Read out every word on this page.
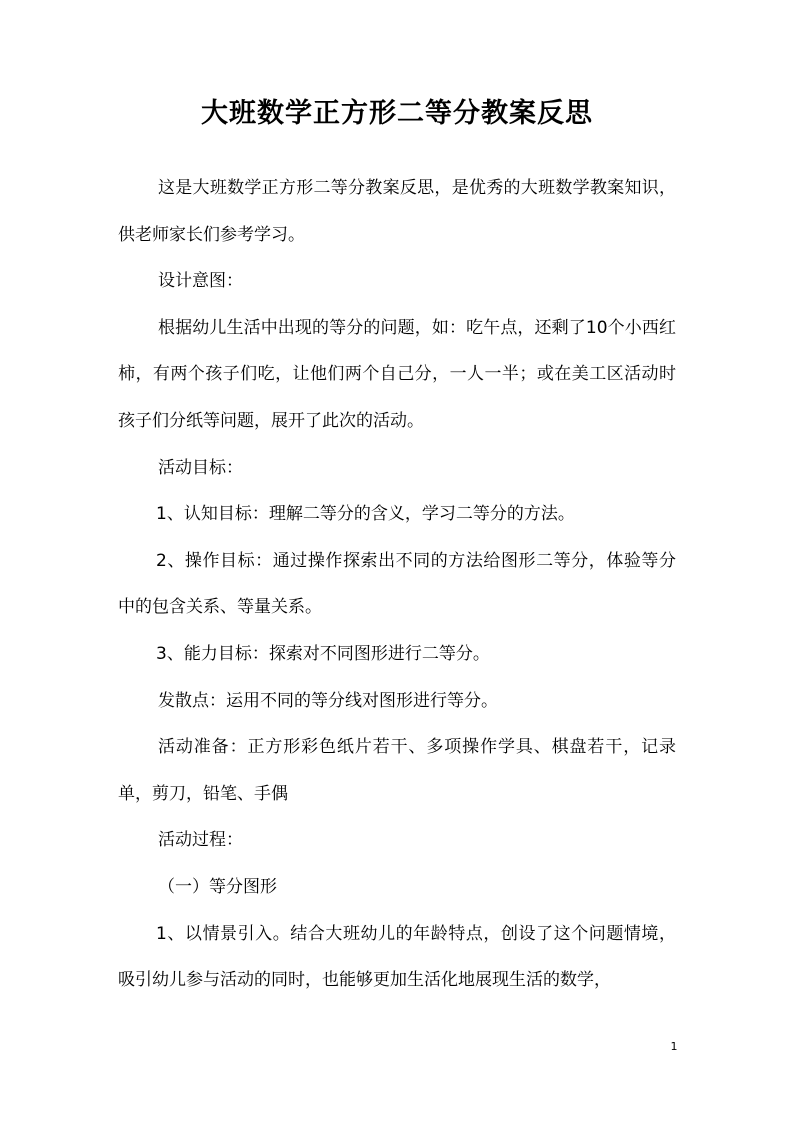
大班数学正方形二等分教案反思

这是大班数学正方形二等分教案反思，是优秀的大班数学教案知识，供老师家长们参考学习。

设计意图：

根据幼儿生活中出现的等分的问题，如：吃午点，还剩了10个小西红柿，有两个孩子们吃，让他们两个自己分，一人一半；或在美工区活动时孩子们分纸等问题，展开了此次的活动。

活动目标：

1、认知目标：理解二等分的含义，学习二等分的方法。

2、操作目标：通过操作探索出不同的方法给图形二等分，体验等分中的包含关系、等量关系。

3、能力目标：探索对不同图形进行二等分。

发散点：运用不同的等分线对图形进行等分。

活动准备：正方形彩色纸片若干、多项操作学具、棋盘若干，记录单，剪刀，铅笔、手偶

活动过程：

（一）等分图形

1、以情景引入。结合大班幼儿的年龄特点，创设了这个问题情境，吸引幼儿参与活动的同时，也能够更加生活化地展现生活的数学，

1
